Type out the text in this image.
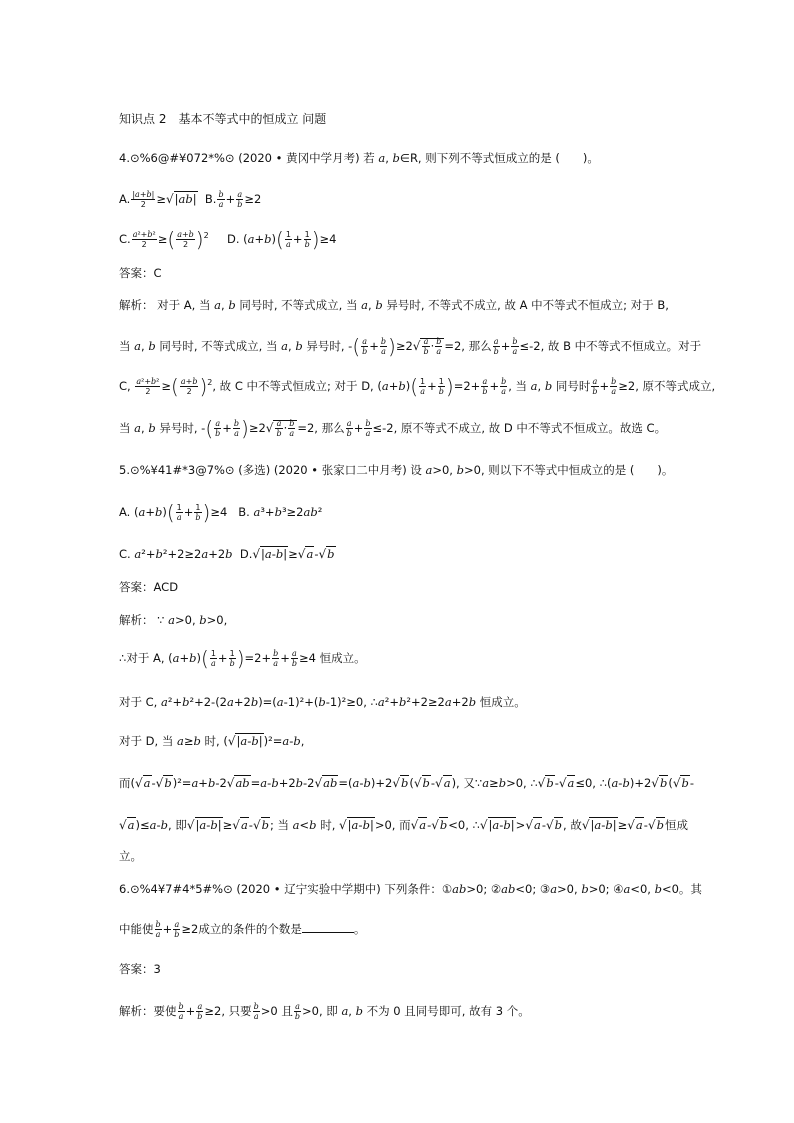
知识点 2　基本不等式中的恒成立 问题
4.⊙%6@#¥072*%⊙ (2020 • 黄冈中学月考) 若 a, b∈R, 则下列不等式恒成立的是 (　　)。
A. $\frac{|a+b|}{2} \ge√|ab|$  B. $\frac{b}{a} + \frac{a}{b} \ge 2$
C. $\frac{\text{a²+b²}}{2}$ ≥( $\frac{a+b}{2} )^2$     D. $(a+b)( \frac{1}{a} + \frac{1}{b} )\ge 4$
答案：C
解析： 对于 A, 当 a, b 同号时, 不等式成立, 当 a, b 异号时, 不等式不成立, 故 A 中不等式不恒成立; 对于 B,
当 a, b 同号时, 不等式成立, 当 a, b 异号时, -( $\frac{a}{b} + \frac{b}{a} )\ge 2√ \frac{a}{b} \cdot \frac{b}{a} =2$, 那么 $\frac{a}{b} + \frac{b}{a} \le-2$, 故 B 中不等式不恒成立。对于
C, $\frac{\text{a²+b²}}{2}$ ≥( $\frac{a+b}{2} )^2$, 故 C 中不等式恒成立; 对于 D, $(a+b)( \frac{1}{a} + \frac{1}{b} )=2+ \frac{a}{b} + \frac{b}{a}$ , 当 a, b 同号时 $\frac{a}{b} + \frac{b}{a} \ge 2$, 原不等式成立,
当 a, b 异号时, -( $\frac{a}{b} + \frac{b}{a} )\ge 2√ \frac{a}{b} \cdot \frac{b}{a} =2$, 那么 $\frac{a}{b} + \frac{b}{a} \le-2$, 原不等式不成立, 故 D 中不等式不恒成立。故选 C。
5.⊙%¥41#*3@7%⊙ (多选) (2020 • 张家口二中月考) 设 a>0, b>0, 则以下不等式中恒成立的是 (　　)。
A. $(a+b)( \frac{1}{a} + \frac{1}{b} )\ge 4$   B. a³+b³≥2ab²
C. a²+b²+2≥2a+2b  D.√|a-b|≥√a-√b
答案：ACD
解析： ∵ a>0, b>0,
∴对于 A, $(a+b)( \frac{1}{a} + \frac{1}{b} )=2+ \frac{b}{a} + \frac{a}{b} \ge 4$ 恒成立。
对于 C, a²+b²+2-(2a+2b)=(a-1)²+(b-1)²≥0, ∴a²+b²+2≥2a+2b 恒成立。
对于 D, 当 a≥b 时, (√|a-b|)²=a-b,
而(√a-√b)²=a+b-2√ab=a-b+2b-2√ab=(a-b)+2√b(√b-√a), 又∵a≥b>0, ∴√b-√a≤0, ∴(a-b)+2√b(√b-
√a)≤a-b, 即√|a-b|≥√a-√b; 当 a<b 时, √|a-b|>0, 而√a-√b<0, ∴√|a-b|>√a-√b, 故√|a-b|≥√a-√b恒成
立。
6.⊙%4¥7#4*5#%⊙ (2020 • 辽宁实验中学期中) 下列条件：①ab>0; ②ab<0; ③a>0, b>0; ④a<0, b<0。其
中能使 $\frac{b}{a} + \frac{a}{b} \ge 2$成立的条件的个数是	。
答案：3
解析：要使 $\frac{b}{a} + \frac{a}{b} \ge 2$, 只要 $\frac{b}{a} >0$ 且 $\frac{a}{b} >0$, 即 a, b 不为 0 且同号即可, 故有 3 个。
